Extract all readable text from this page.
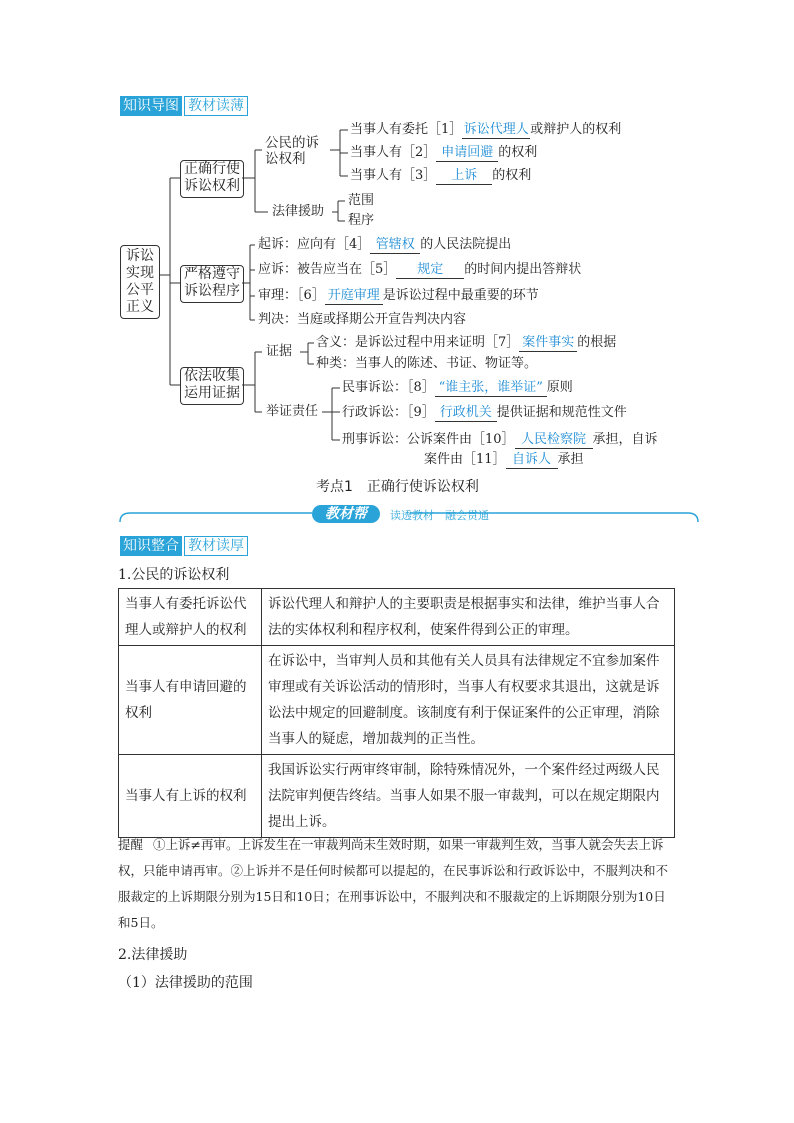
知识导图 教材读薄
诉讼实现公平正义
正确行使诉讼权利
严格遵守诉讼程序
依法收集运用证据
公民的诉讼权利
当事人有委托［1］诉讼代理人 或辩护人的权利
当事人有［2］ 申请回避 的权利
当事人有［3］ 上诉 的权利
法律援助
范围
程序
起诉：应向有［4］ 管辖权 的人民法院提出
应诉：被告应当在［5］ 规定 的时间内提出答辩状
审理：［6］ 开庭审理 是诉讼过程中最重要的环节
判决：当庭或择期公开宣告判决内容
证据
含义：是诉讼过程中用来证明［7］ 案件事实 的根据
种类：当事人的陈述、书证、物证等。
举证责任
民事诉讼：［8］ “谁主张，谁举证” 原则
行政诉讼：［9］ 行政机关 提供证据和规范性文件
刑事诉讼：公诉案件由［10］ 人民检察院 承担，自诉
案件由［11］ 自诉人 承担
考点1　正确行使诉讼权利
教材帮	读透教材　融会贯通
知识整合 教材读厚
1.公民的诉讼权利
当事人有委托诉讼代理人或辩护人的权利	诉讼代理人和辩护人的主要职责是根据事实和法律，维护当事人合法的实体权利和程序权利，使案件得到公正的审理。
当事人有申请回避的权利	在诉讼中，当审判人员和其他有关人员具有法律规定不宜参加案件审理或有关诉讼活动的情形时，当事人有权要求其退出，这就是诉讼法中规定的回避制度。该制度有利于保证案件的公正审理，消除当事人的疑虑，增加裁判的正当性。
当事人有上诉的权利	我国诉讼实行两审终审制，除特殊情况外，一个案件经过两级人民法院审判便告终结。当事人如果不服一审裁判，可以在规定期限内提出上诉。
提醒 ①上诉≠再审。上诉发生在一审裁判尚未生效时期，如果一审裁判生效，当事人就会失去上诉权，只能申请再审。②上诉并不是任何时候都可以提起的，在民事诉讼和行政诉讼中，不服判决和不服裁定的上诉期限分别为15日和10日；在刑事诉讼中，不服判决和不服裁定的上诉期限分别为10日和5日。
2.法律援助
（1）法律援助的范围
